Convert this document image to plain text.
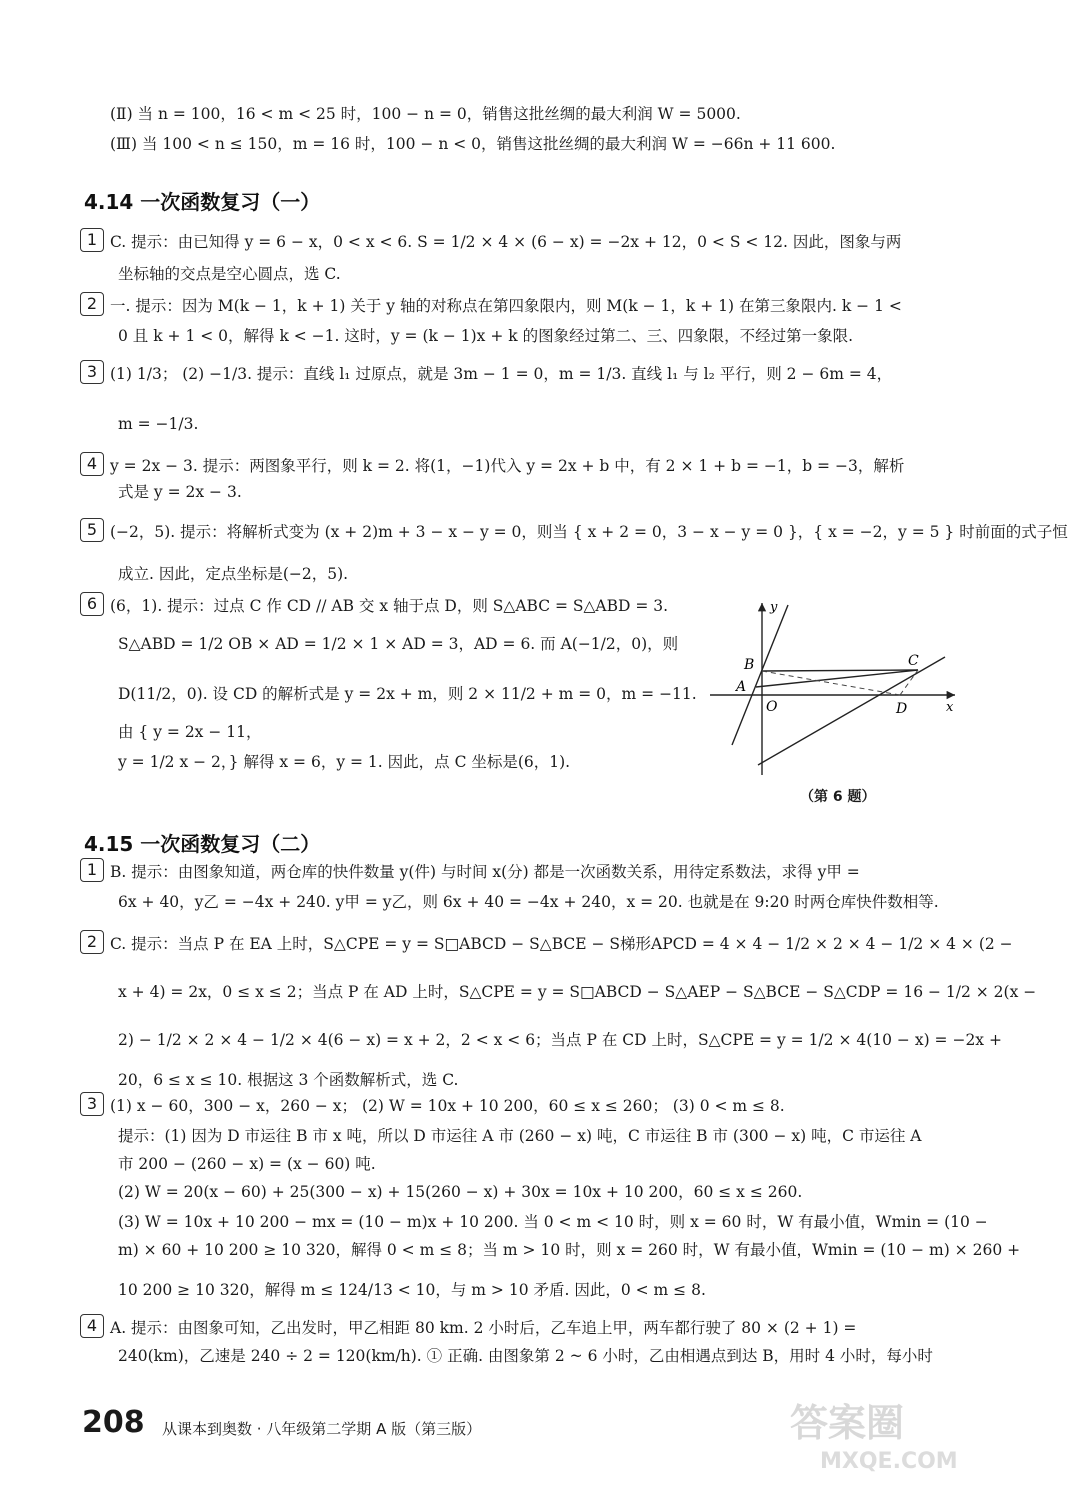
(Ⅱ) 当 n = 100，16 < m < 25 时，100 − n = 0，销售这批丝绸的最大利润 W = 5000.
(Ⅲ) 当 100 < n ≤ 150，m = 16 时，100 − n < 0，销售这批丝绸的最大利润 W = −66n + 11 600.
4.14 一次函数复习（一）
1 C. 提示：由已知得 y = 6 − x，0 < x < 6. S = 1/2 × 4 × (6 − x) = −2x + 12，0 < S < 12. 因此，图象与两
坐标轴的交点是空心圆点，选 C.
2 一. 提示：因为 M(k − 1，k + 1) 关于 y 轴的对称点在第四象限内，则 M(k − 1，k + 1) 在第三象限内. k − 1 <
0 且 k + 1 < 0，解得 k < −1. 这时，y = (k − 1)x + k 的图象经过第二、三、四象限，不经过第一象限.
3 (1) 1/3； (2) −1/3. 提示：直线 l₁ 过原点，就是 3m − 1 = 0，m = 1/3. 直线 l₁ 与 l₂ 平行，则 2 − 6m = 4，
m = −1/3.
4 y = 2x − 3. 提示：两图象平行，则 k = 2. 将(1，−1)代入 y = 2x + b 中，有 2 × 1 + b = −1，b = −3，解析
式是 y = 2x − 3.
5 (−2，5). 提示：将解析式变为 (x + 2)m + 3 − x − y = 0，则当 { x + 2 = 0，3 − x − y = 0 }，{ x = −2，y = 5 } 时前面的式子恒
成立. 因此，定点坐标是(−2，5).
6 (6，1). 提示：过点 C 作 CD // AB 交 x 轴于点 D，则 S△ABC = S△ABD = 3.
S△ABD = 1/2 OB × AD = 1/2 × 1 × AD = 3，AD = 6. 而 A(−1/2，0)，则
D(11/2，0). 设 CD 的解析式是 y = 2x + m，则 2 × 11/2 + m = 0，m = −11.
由 { y = 2x − 11，
y = 1/2 x − 2，} 解得 x = 6，y = 1. 因此，点 C 坐标是(6，1).
y
x
B	C
A
O	D
（第 6 题）
4.15 一次函数复习（二）
1 B. 提示：由图象知道，两仓库的快件数量 y(件) 与时间 x(分) 都是一次函数关系，用待定系数法，求得 y甲 =
6x + 40，y乙 = −4x + 240. y甲 = y乙，则 6x + 40 = −4x + 240，x = 20. 也就是在 9:20 时两仓库快件数相等.
2 C. 提示：当点 P 在 EA 上时，S△CPE = y = S□ABCD − S△BCE − S梯形APCD = 4 × 4 − 1/2 × 2 × 4 − 1/2 × 4 × (2 −
x + 4) = 2x，0 ≤ x ≤ 2；当点 P 在 AD 上时，S△CPE = y = S□ABCD − S△AEP − S△BCE − S△CDP = 16 − 1/2 × 2(x −
2) − 1/2 × 2 × 4 − 1/2 × 4(6 − x) = x + 2，2 < x < 6；当点 P 在 CD 上时，S△CPE = y = 1/2 × 4(10 − x) = −2x +
20，6 ≤ x ≤ 10. 根据这 3 个函数解析式，选 C.
3 (1) x − 60，300 − x，260 − x； (2) W = 10x + 10 200，60 ≤ x ≤ 260； (3) 0 < m ≤ 8.
提示：(1) 因为 D 市运往 B 市 x 吨，所以 D 市运往 A 市 (260 − x) 吨，C 市运往 B 市 (300 − x) 吨，C 市运往 A
市 200 − (260 − x) = (x − 60) 吨.
(2) W = 20(x − 60) + 25(300 − x) + 15(260 − x) + 30x = 10x + 10 200，60 ≤ x ≤ 260.
(3) W = 10x + 10 200 − mx = (10 − m)x + 10 200. 当 0 < m < 10 时，则 x = 60 时，W 有最小值，Wmin = (10 −
m) × 60 + 10 200 ≥ 10 320，解得 0 < m ≤ 8；当 m > 10 时，则 x = 260 时，W 有最小值，Wmin = (10 − m) × 260 +
10 200 ≥ 10 320，解得 m ≤ 124/13 < 10，与 m > 10 矛盾. 因此，0 < m ≤ 8.
4 A. 提示：由图象可知，乙出发时，甲乙相距 80 km. 2 小时后，乙车追上甲，两车都行驶了 80 × (2 + 1) =
240(km)，乙速是 240 ÷ 2 = 120(km/h). ① 正确. 由图象第 2 ~ 6 小时，乙由相遇点到达 B，用时 4 小时，每小时
208 从课本到奥数 · 八年级第二学期 A 版（第三版）	答案圈
MXQE.COM
